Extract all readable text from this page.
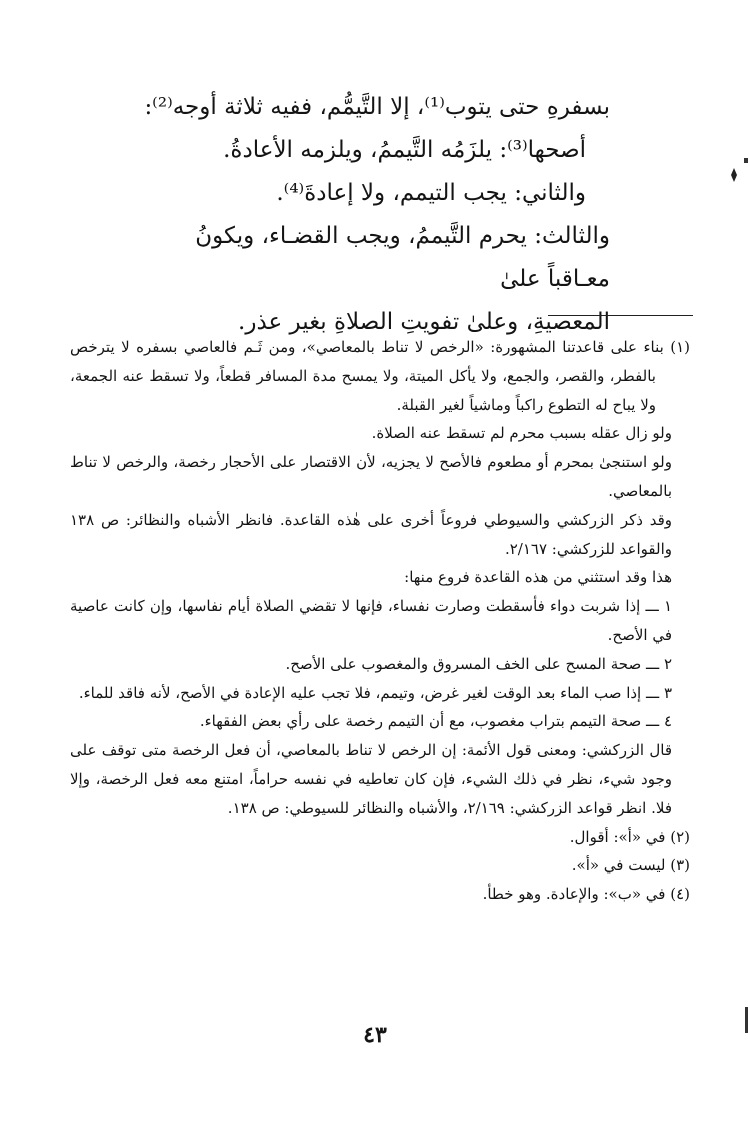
بسفرهِ حتى يتوب⁽¹⁾، إلا التَّيمُّم، ففيه ثلاثة أوجه⁽²⁾:

أصحها⁽³⁾: يلزَمُه التَّيممُ، ويلزمه الأعادةُ.

والثاني: يجب التيمم، ولا إعادةَ⁽⁴⁾.

والثالث: يحرم التَّيممُ، ويجب القضـاء، ويكونُ معـاقباً علىٰ

المعصيةِ، وعلىٰ تفويتِ الصلاةِ بغير عذر.

(١) بناء على قاعدتنا المشهورة: «الرخص لا تناط بالمعاصي»، ومن ثَـم فالعاصي بسفره لا يترخص بالفطر، والقصر، والجمع، ولا يأكل الميتة، ولا يمسح مدة المسافر قطعاً، ولا تسقط عنه الجمعة، ولا يباح له التطوع راكباً وماشياً لغير القبلة.

ولو زال عقله بسبب محرم لم تسقط عنه الصلاة.

ولو استنجىٰ بمحرم أو مطعوم فالأصح لا يجزيه، لأن الاقتصار على الأحجار رخصة، والرخص لا تناط بالمعاصي.

وقد ذكر الزركشي والسيوطي فروعاً أخرى على هٰذه القاعدة. فانظر الأشباه والنظائر: ص ١٣٨ والقواعد للزركشي: ٢/١٦٧.

هذا وقد استثني من هذه القاعدة فروع منها:

١ ـــ إذا شربت دواء فأسقطت وصارت نفساء، فإنها لا تقضي الصلاة أيام نفاسها، وإن كانت عاصية في الأصح.

٢ ـــ صحة المسح على الخف المسروق والمغصوب على الأصح.

٣ ـــ إذا صب الماء بعد الوقت لغير غرض، وتيمم، فلا تجب عليه الإعادة في الأصح، لأنه فاقد للماء.

٤ ـــ صحة التيمم بتراب مغصوب، مع أن التيمم رخصة على رأي بعض الفقهاء.

قال الزركشي: ومعنى قول الأئمة: إن الرخص لا تناط بالمعاصي، أن فعل الرخصة متى توقف على وجود شيء، نظر في ذلك الشيء، فإن كان تعاطيه في نفسه حراماً، امتنع معه فعل الرخصة، وإلا فلا. انظر قواعد الزركشي: ٢/١٦٩، والأشباه والنظائر للسيوطي: ص ١٣٨.

(٢) في «أ»: أقوال.

(٣) ليست في «أ».

(٤) في «ب»: والإعادة. وهو خطأ.

٤٣
